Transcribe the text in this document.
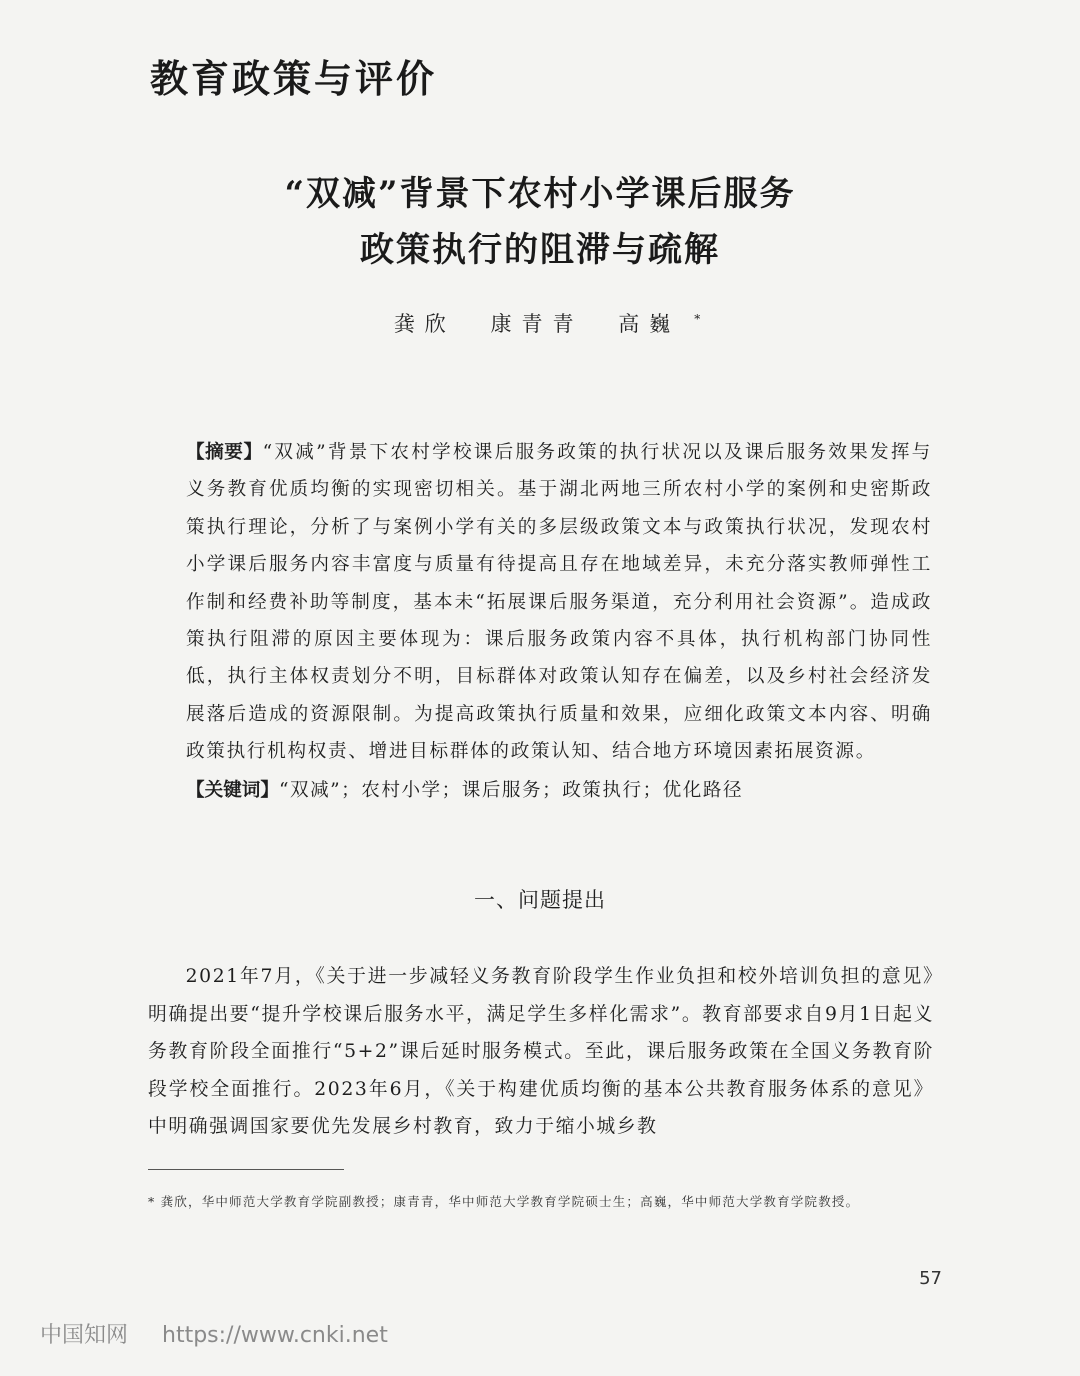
教育政策与评价
“双减”背景下农村小学课后服务
政策执行的阻滞与疏解
龚欣 康青青 高巍 *
【摘要】“双减”背景下农村学校课后服务政策的执行状况以及课后服务效果发挥与义务教育优质均衡的实现密切相关。基于湖北两地三所农村小学的案例和史密斯政策执行理论，分析了与案例小学有关的多层级政策文本与政策执行状况，发现农村小学课后服务内容丰富度与质量有待提高且存在地域差异，未充分落实教师弹性工作制和经费补助等制度，基本未“拓展课后服务渠道，充分利用社会资源”。造成政策执行阻滞的原因主要体现为：课后服务政策内容不具体，执行机构部门协同性低，执行主体权责划分不明，目标群体对政策认知存在偏差，以及乡村社会经济发展落后造成的资源限制。为提高政策执行质量和效果，应细化政策文本内容、明确政策执行机构权责、增进目标群体的政策认知、结合地方环境因素拓展资源。
【关键词】“双减”；农村小学；课后服务；政策执行；优化路径
一、问题提出

2021年7月，《关于进一步减轻义务教育阶段学生作业负担和校外培训负担的意见》明确提出要“提升学校课后服务水平，满足学生多样化需求”。教育部要求自9月1日起义务教育阶段全面推行“5+2”课后延时服务模式。至此，课后服务政策在全国义务教育阶段学校全面推行。2023年6月，《关于构建优质均衡的基本公共教育服务体系的意见》中明确强调国家要优先发展乡村教育，致力于缩小城乡教

* 龚欣，华中师范大学教育学院副教授；康青青，华中师范大学教育学院硕士生；高巍，华中师范大学教育学院教授。
57
中国知网 https://www.cnki.net
